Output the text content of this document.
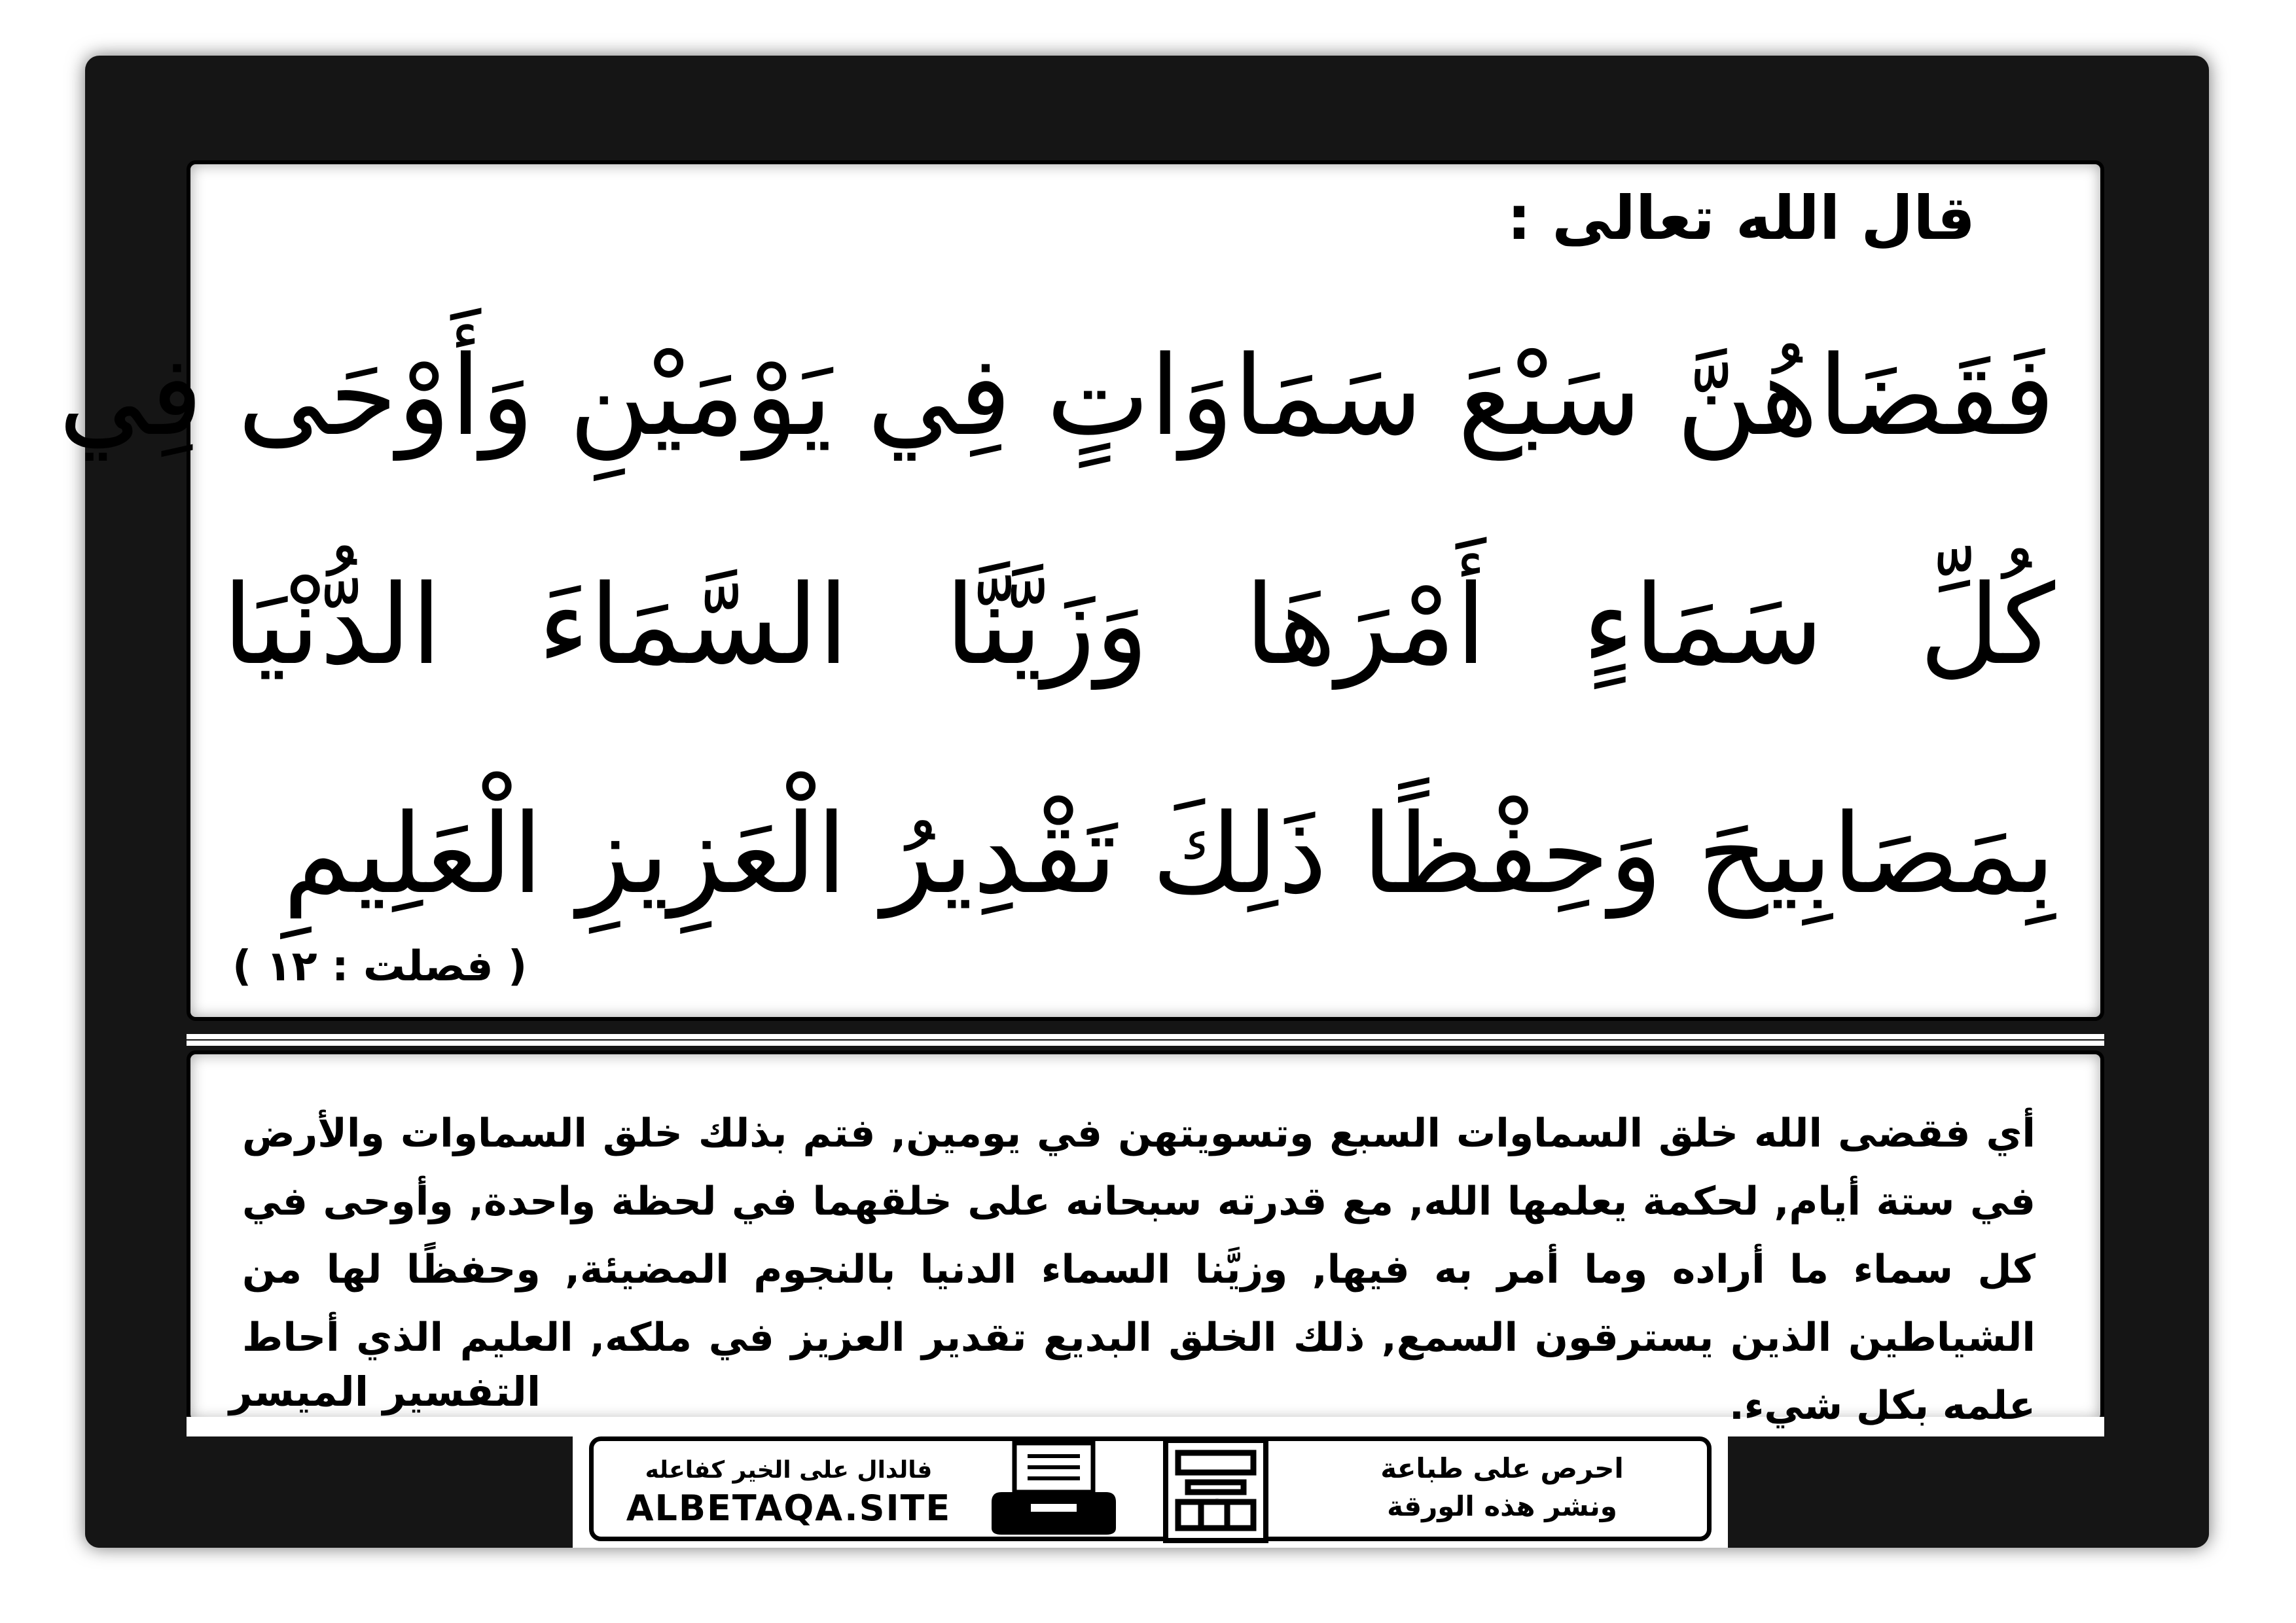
قال الله تعالى :
فَقَضَاهُنَّ سَبْعَ سَمَاوَاتٍ فِي يَوْمَيْنِ وَأَوْحَى فِي
كُلِّ سَمَاءٍ أَمْرَهَا وَزَيَّنَّا السَّمَاءَ الدُّنْيَا
بِمَصَابِيحَ وَحِفْظًا ذَلِكَ تَقْدِيرُ الْعَزِيزِ الْعَلِيمِ
( فصلت : ١٢ )
أي فقضى الله خلق السماوات السبع وتسويتهن في يومين, فتم بذلك خلق السماوات والأرض في ستة أيام, لحكمة يعلمها الله, مع قدرته سبحانه على خلقهما في لحظة واحدة, وأوحى في كل سماء ما أراده وما أمر به فيها, وزيَّنا السماء الدنيا بالنجوم المضيئة, وحفظًا لها من الشياطين الذين يسترقون السمع, ذلك الخلق البديع تقدير العزيز في ملكه, العليم الذي أحاط علمه بكل شيء.
التفسير الميسر
فالدال على الخير كفاعله
ALBETAQA.SITE	دعوة الورقة
احرص على طباعة
ونشر هذه الورقة
